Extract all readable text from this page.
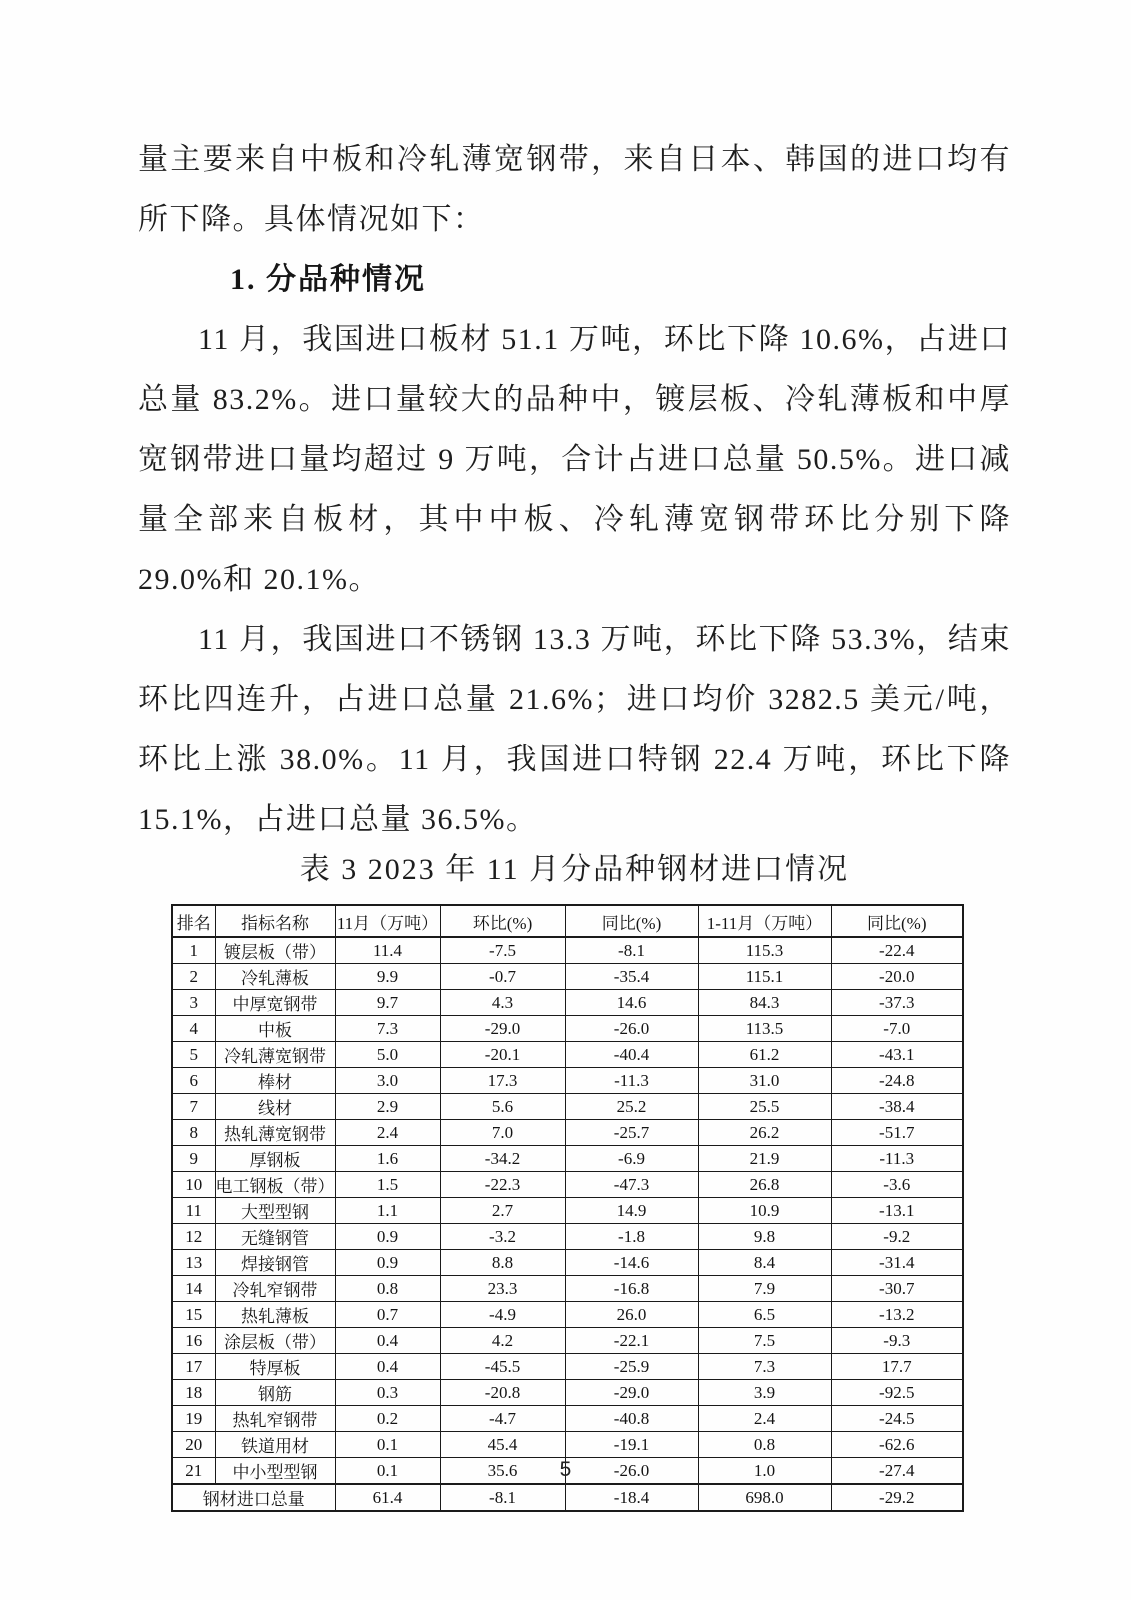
量主要来自中板和冷轧薄宽钢带，来自日本、韩国的进口均有所下降。具体情况如下：

1. 分品种情况

11 月，我国进口板材 51.1 万吨，环比下降 10.6%，占进口总量 83.2%。进口量较大的品种中，镀层板、冷轧薄板和中厚宽钢带进口量均超过 9 万吨，合计占进口总量 50.5%。进口减量全部来自板材，其中中板、冷轧薄宽钢带环比分别下降 29.0%和 20.1%。

11 月，我国进口不锈钢 13.3 万吨，环比下降 53.3%，结束环比四连升，占进口总量 21.6%；进口均价 3282.5 美元/吨，环比上涨 38.0%。11 月，我国进口特钢 22.4 万吨，环比下降 15.1%，占进口总量 36.5%。

表 3 2023 年 11 月分品种钢材进口情况
排名	指标名称	11月（万吨）	环比(%)	同比(%)	1-11月（万吨）	同比(%)
1	镀层板（带）	11.4	-7.5	-8.1	115.3	-22.4
2	冷轧薄板	9.9	-0.7	-35.4	115.1	-20.0
3	中厚宽钢带	9.7	4.3	14.6	84.3	-37.3
4	中板	7.3	-29.0	-26.0	113.5	-7.0
5	冷轧薄宽钢带	5.0	-20.1	-40.4	61.2	-43.1
6	棒材	3.0	17.3	-11.3	31.0	-24.8
7	线材	2.9	5.6	25.2	25.5	-38.4
8	热轧薄宽钢带	2.4	7.0	-25.7	26.2	-51.7
9	厚钢板	1.6	-34.2	-6.9	21.9	-11.3
10	电工钢板（带）	1.5	-22.3	-47.3	26.8	-3.6
11	大型型钢	1.1	2.7	14.9	10.9	-13.1
12	无缝钢管	0.9	-3.2	-1.8	9.8	-9.2
13	焊接钢管	0.9	8.8	-14.6	8.4	-31.4
14	冷轧窄钢带	0.8	23.3	-16.8	7.9	-30.7
15	热轧薄板	0.7	-4.9	26.0	6.5	-13.2
16	涂层板（带）	0.4	4.2	-22.1	7.5	-9.3
17	特厚板	0.4	-45.5	-25.9	7.3	17.7
18	钢筋	0.3	-20.8	-29.0	3.9	-92.5
19	热轧窄钢带	0.2	-4.7	-40.8	2.4	-24.5
20	铁道用材	0.1	45.4	-19.1	0.8	-62.6
21	中小型型钢	0.1	35.6	-26.0	1.0	-27.4
钢材进口总量		61.4	-8.1	-18.4	698.0	-29.2
5
